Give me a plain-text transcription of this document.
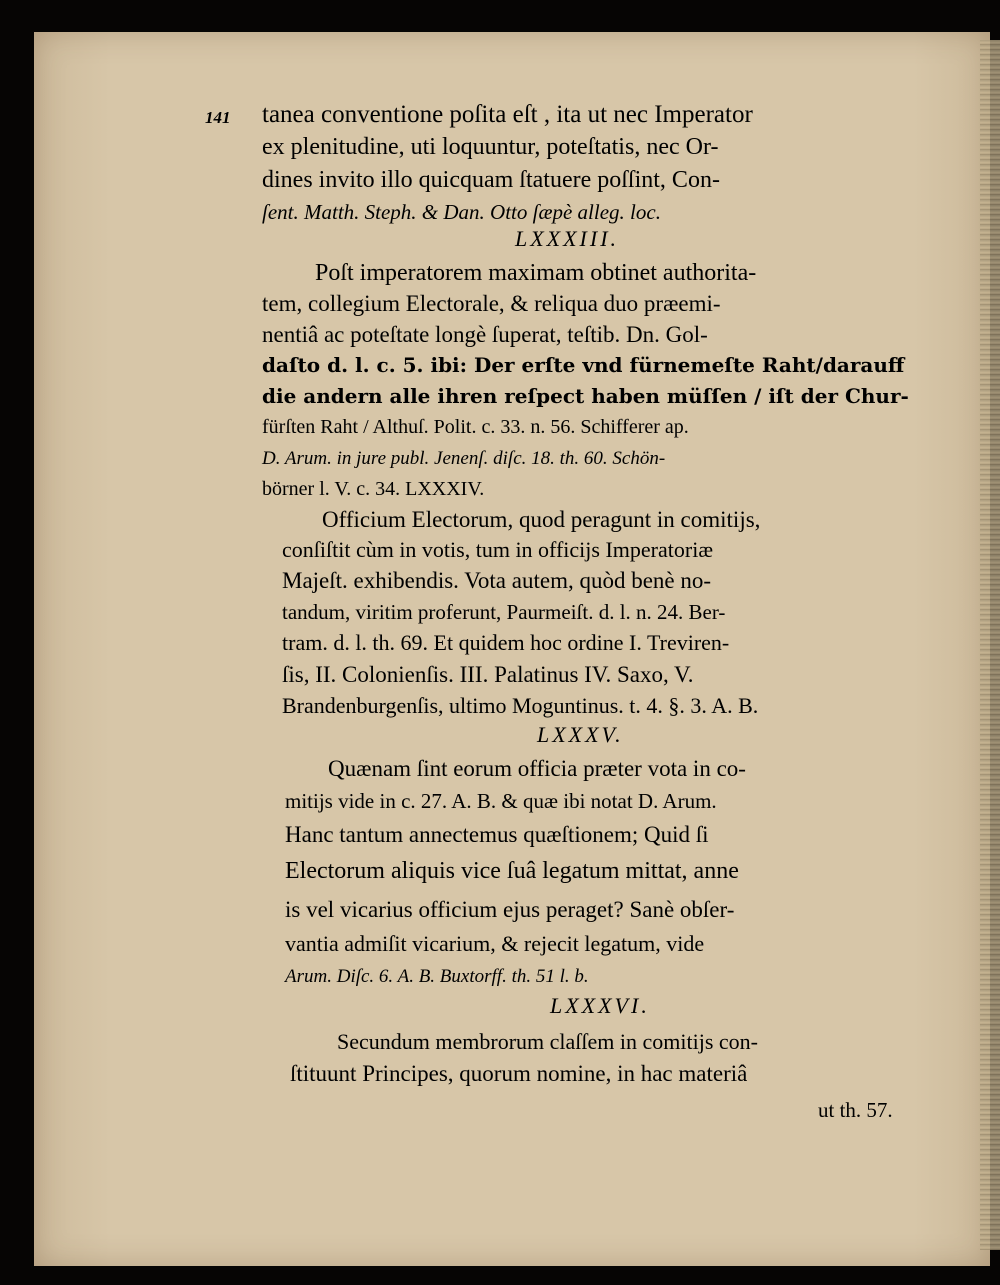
141 tanea conventione poſita eſt , ita ut nec Imperator
ex plenitudine, uti loquuntur, poteſtatis, nec Or-
dines invito illo quicquam ſtatuere poſſint, Con-
ſent. Matth. Steph. & Dan. Otto ſæpè alleg. loc.
LXXXIII.
Poſt imperatorem maximam obtinet authorita-
tem, collegium Electorale, & reliqua duo præemi-
nentiâ ac poteſtate longè ſuperat, teſtib. Dn. Gol-
daſto d. l. c. 5. ibi: Der erſte vnd fürnemeſte Raht/darauff
die andern alle ihren reſpect haben müſſen / iſt der Chur-
fürſten Raht / Althuſ. Polit. c. 33. n. 56. Schifferer ap.
D. Arum. in jure publ. Jenenſ. diſc. 18. th. 60. Schön-
börner l. V. c. 34. LXXXIV.
Officium Electorum, quod peragunt in comitijs,
conſiſtit cùm in votis, tum in officijs Imperatoriæ
Majeſt. exhibendis. Vota autem, quòd benè no-
tandum, viritim proferunt, Paurmeiſt. d. l. n. 24. Ber-
tram. d. l. th. 69. Et quidem hoc ordine I. Treviren-
ſis, II. Colonienſis. III. Palatinus IV. Saxo, V.
Brandenburgenſis, ultimo Moguntinus. t. 4. §. 3. A. B.
LXXXV.
Quænam ſint eorum officia præter vota in co-
mitijs vide in c. 27. A. B. & quæ ibi notat D. Arum.
Hanc tantum annectemus quæſtionem; Quid ſi
Electorum aliquis vice ſuâ legatum mittat, anne
is vel vicarius officium ejus peraget? Sanè obſer-
vantia admiſit vicarium, & rejecit legatum, vide
Arum. Diſc. 6. A. B. Buxtorff. th. 51 l. b.
LXXXVI.
Secundum membrorum claſſem in comitijs con-
ſtituunt Principes, quorum nomine, in hac materiâ
ut th. 57.
